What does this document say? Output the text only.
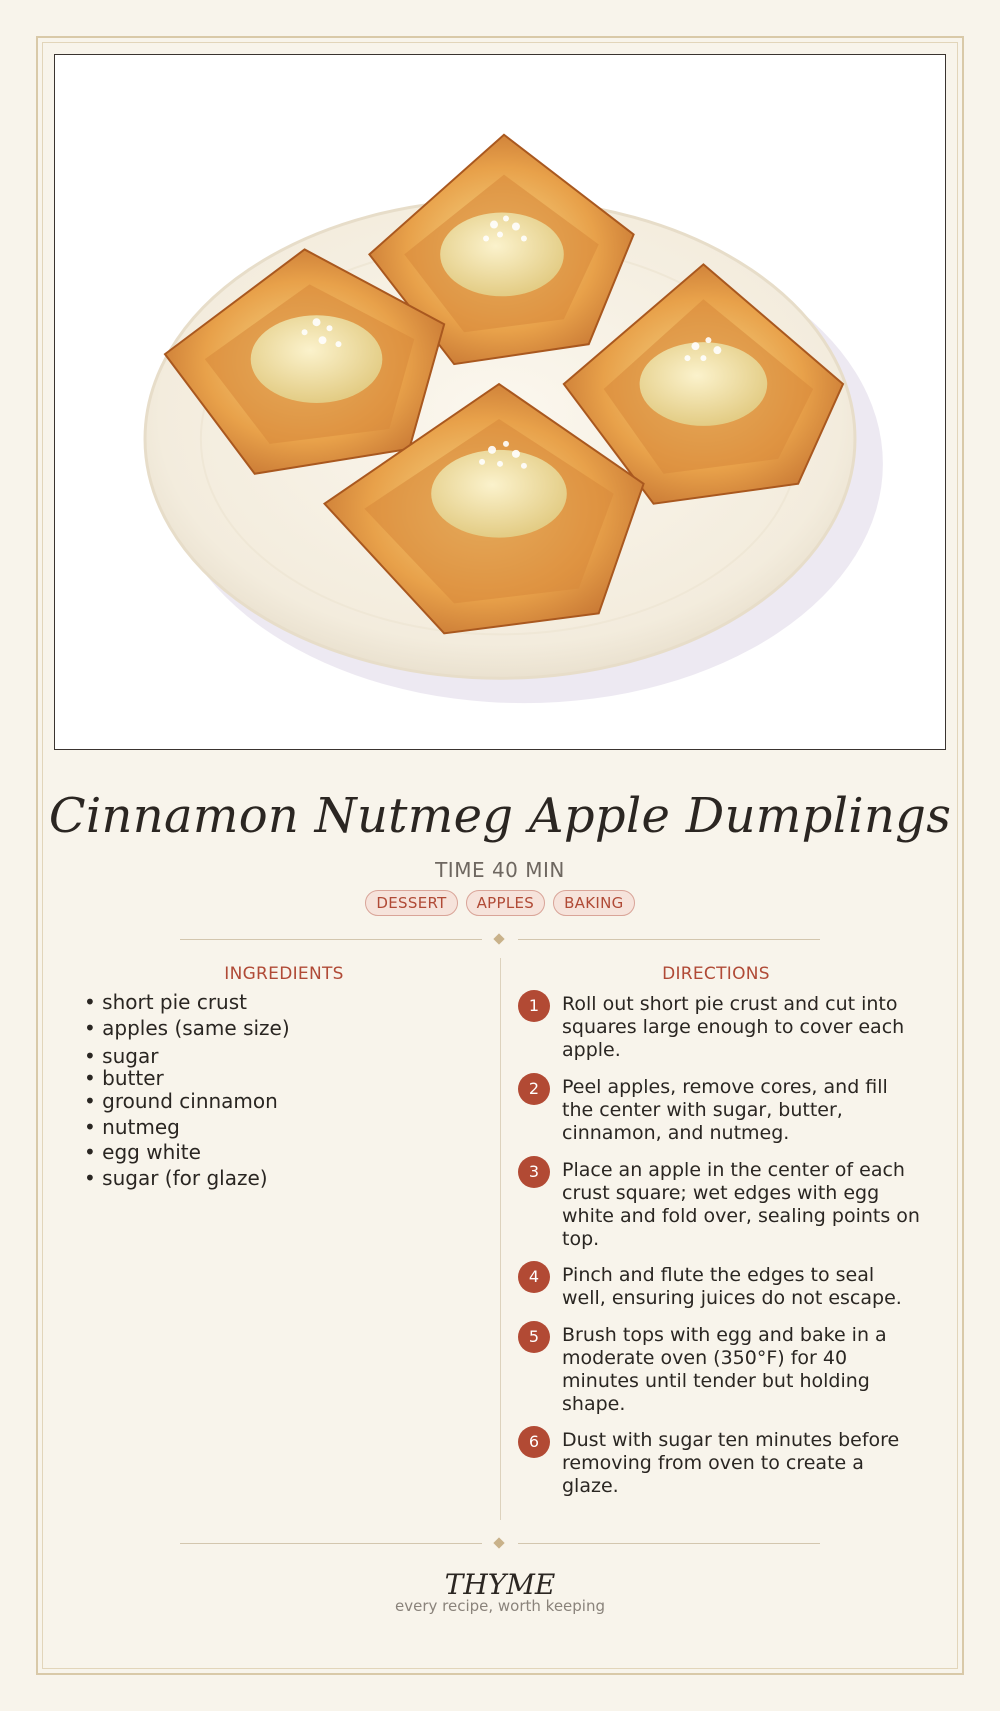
Cinnamon Nutmeg Apple Dumplings
TIME 40 MIN
DESSERT	APPLES	BAKING
INGREDIENTS	DIRECTIONS
• short pie crust
• apples (same size)
• sugar
• butter
• ground cinnamon
• nutmeg
• egg white
• sugar (for glaze)
1	Roll out short pie crust and cut into squares large enough to cover each apple.
2	Peel apples, remove cores, and fill the center with sugar, butter, cinnamon, and nutmeg.
3	Place an apple in the center of each crust square; wet edges with egg white and fold over, sealing points on top.
4	Pinch and flute the edges to seal well, ensuring juices do not escape.
5	Brush tops with egg and bake in a moderate oven (350°F) for 40 minutes until tender but holding shape.
6	Dust with sugar ten minutes before removing from oven to create a glaze.
THYME
every recipe, worth keeping
